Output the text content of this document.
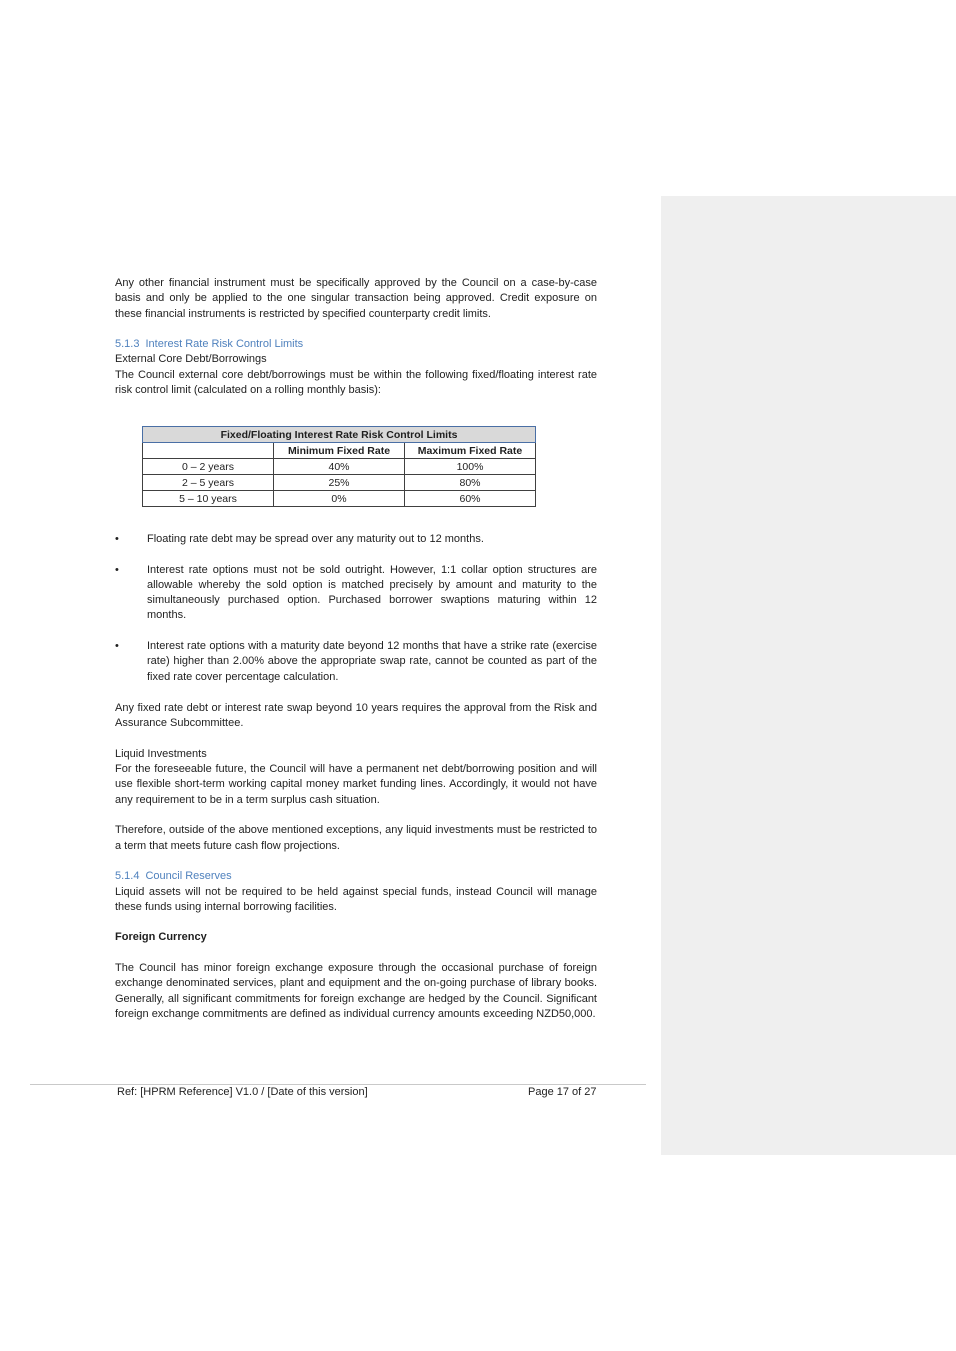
Any other financial instrument must be specifically approved by the Council on a case-by-case basis and only be applied to the one singular transaction being approved. Credit exposure on these financial instruments is restricted by specified counterparty credit limits.

5.1.3 Interest Rate Risk Control Limits

External Core Debt/Borrowings

The Council external core debt/borrowings must be within the following fixed/floating interest rate risk control limit (calculated on a rolling monthly basis):

Fixed/Floating Interest Rate Risk Control Limits		
	Minimum Fixed Rate	Maximum Fixed Rate
0 – 2 years	40%	100%
2 – 5 years	25%	80%
5 – 10 years	0%	60%
•	Floating rate debt may be spread over any maturity out to 12 months.
•	Interest rate options must not be sold outright. However, 1:1 collar option structures are allowable whereby the sold option is matched precisely by amount and maturity to the simultaneously purchased option. Purchased borrower swaptions maturing within 12 months.
•	Interest rate options with a maturity date beyond 12 months that have a strike rate (exercise rate) higher than 2.00% above the appropriate swap rate, cannot be counted as part of the fixed rate cover percentage calculation.

Any fixed rate debt or interest rate swap beyond 10 years requires the approval from the Risk and Assurance Subcommittee.

Liquid Investments

For the foreseeable future, the Council will have a permanent net debt/borrowing position and will use flexible short-term working capital money market funding lines. Accordingly, it would not have any requirement to be in a term surplus cash situation.

Therefore, outside of the above mentioned exceptions, any liquid investments must be restricted to a term that meets future cash flow projections.

5.1.4 Council Reserves

Liquid assets will not be required to be held against special funds, instead Council will manage these funds using internal borrowing facilities.

Foreign Currency

The Council has minor foreign exchange exposure through the occasional purchase of foreign exchange denominated services, plant and equipment and the on-going purchase of library books. Generally, all significant commitments for foreign exchange are hedged by the Council. Significant foreign exchange commitments are defined as individual currency amounts exceeding NZD50,000.

Ref: [HPRM Reference] V1.0 / [Date of this version]	Page 17 of 27
